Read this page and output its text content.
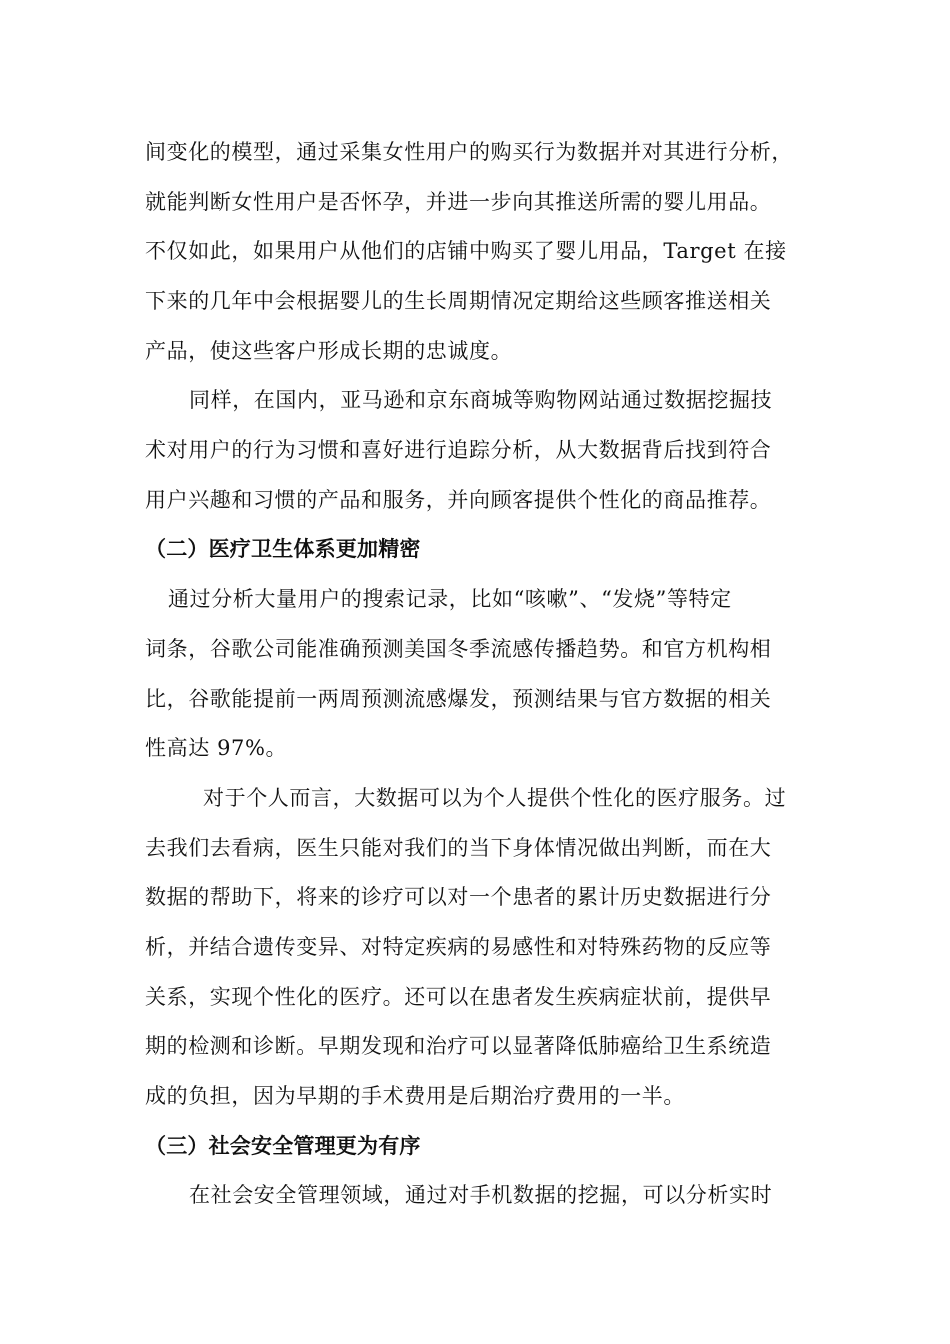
间变化的模型，通过采集女性用户的购买行为数据并对其进行分析，
就能判断女性用户是否怀孕，并进一步向其推送所需的婴儿用品。
不仅如此，如果用户从他们的店铺中购买了婴儿用品，Target 在接
下来的几年中会根据婴儿的生长周期情况定期给这些顾客推送相关
产品，使这些客户形成长期的忠诚度。
同样，在国内，亚马逊和京东商城等购物网站通过数据挖掘技
术对用户的行为习惯和喜好进行追踪分析，从大数据背后找到符合
用户兴趣和习惯的产品和服务，并向顾客提供个性化的商品推荐。
（二）医疗卫生体系更加精密
通过分析大量用户的搜索记录，比如“咳嗽”、“发烧”等特定
词条，谷歌公司能准确预测美国冬季流感传播趋势。和官方机构相
比，谷歌能提前一两周预测流感爆发，预测结果与官方数据的相关
性高达 97%。
对于个人而言，大数据可以为个人提供个性化的医疗服务。过
去我们去看病，医生只能对我们的当下身体情况做出判断，而在大
数据的帮助下，将来的诊疗可以对一个患者的累计历史数据进行分
析，并结合遗传变异、对特定疾病的易感性和对特殊药物的反应等
关系，实现个性化的医疗。还可以在患者发生疾病症状前，提供早
期的检测和诊断。早期发现和治疗可以显著降低肺癌给卫生系统造
成的负担，因为早期的手术费用是后期治疗费用的一半。
（三）社会安全管理更为有序
在社会安全管理领域，通过对手机数据的挖掘，可以分析实时
